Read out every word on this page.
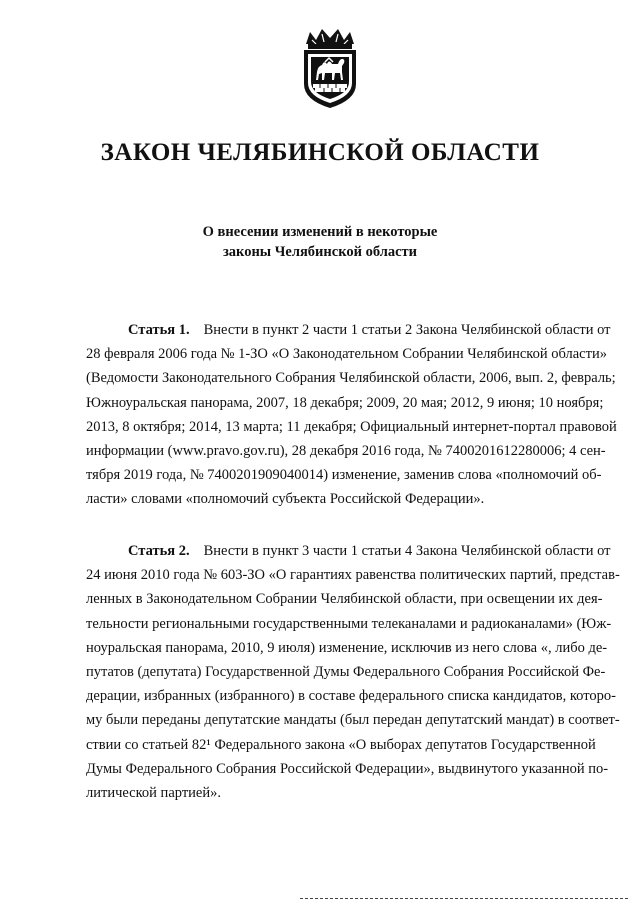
ЗАКОН ЧЕЛЯБИНСКОЙ ОБЛАСТИ
О внесении изменений в некоторые
законы Челябинской области
Статья 1. Внести в пункт 2 части 1 статьи 2 Закона Челябинской области от
28 февраля 2006 года № 1-ЗО «О Законодательном Собрании Челябинской области»
(Ведомости Законодательного Собрания Челябинской области, 2006, вып. 2, февраль;
Южноуральская панорама, 2007, 18 декабря; 2009, 20 мая; 2012, 9 июня; 10 ноября;
2013, 8 октября; 2014, 13 марта; 11 декабря; Официальный интернет-портал правовой
информации (www.pravo.gov.ru), 28 декабря 2016 года, № 7400201612280006; 4 сен-
тября 2019 года, № 7400201909040014) изменение, заменив слова «полномочий об-
ласти» словами «полномочий субъекта Российской Федерации».
Статья 2. Внести в пункт 3 части 1 статьи 4 Закона Челябинской области от
24 июня 2010 года № 603-ЗО «О гарантиях равенства политических партий, представ-
ленных в Законодательном Собрании Челябинской области, при освещении их дея-
тельности региональными государственными телеканалами и радиоканалами» (Юж-
ноуральская панорама, 2010, 9 июля) изменение, исключив из него слова «, либо де-
путатов (депутата) Государственной Думы Федерального Собрания Российской Фе-
дерации, избранных (избранного) в составе федерального списка кандидатов, которо-
му были переданы депутатские мандаты (был передан депутатский мандат) в соответ-
ствии со статьей 82¹ Федерального закона «О выборах депутатов Государственной
Думы Федерального Собрания Российской Федерации», выдвинутого указанной по-
литической партией».
